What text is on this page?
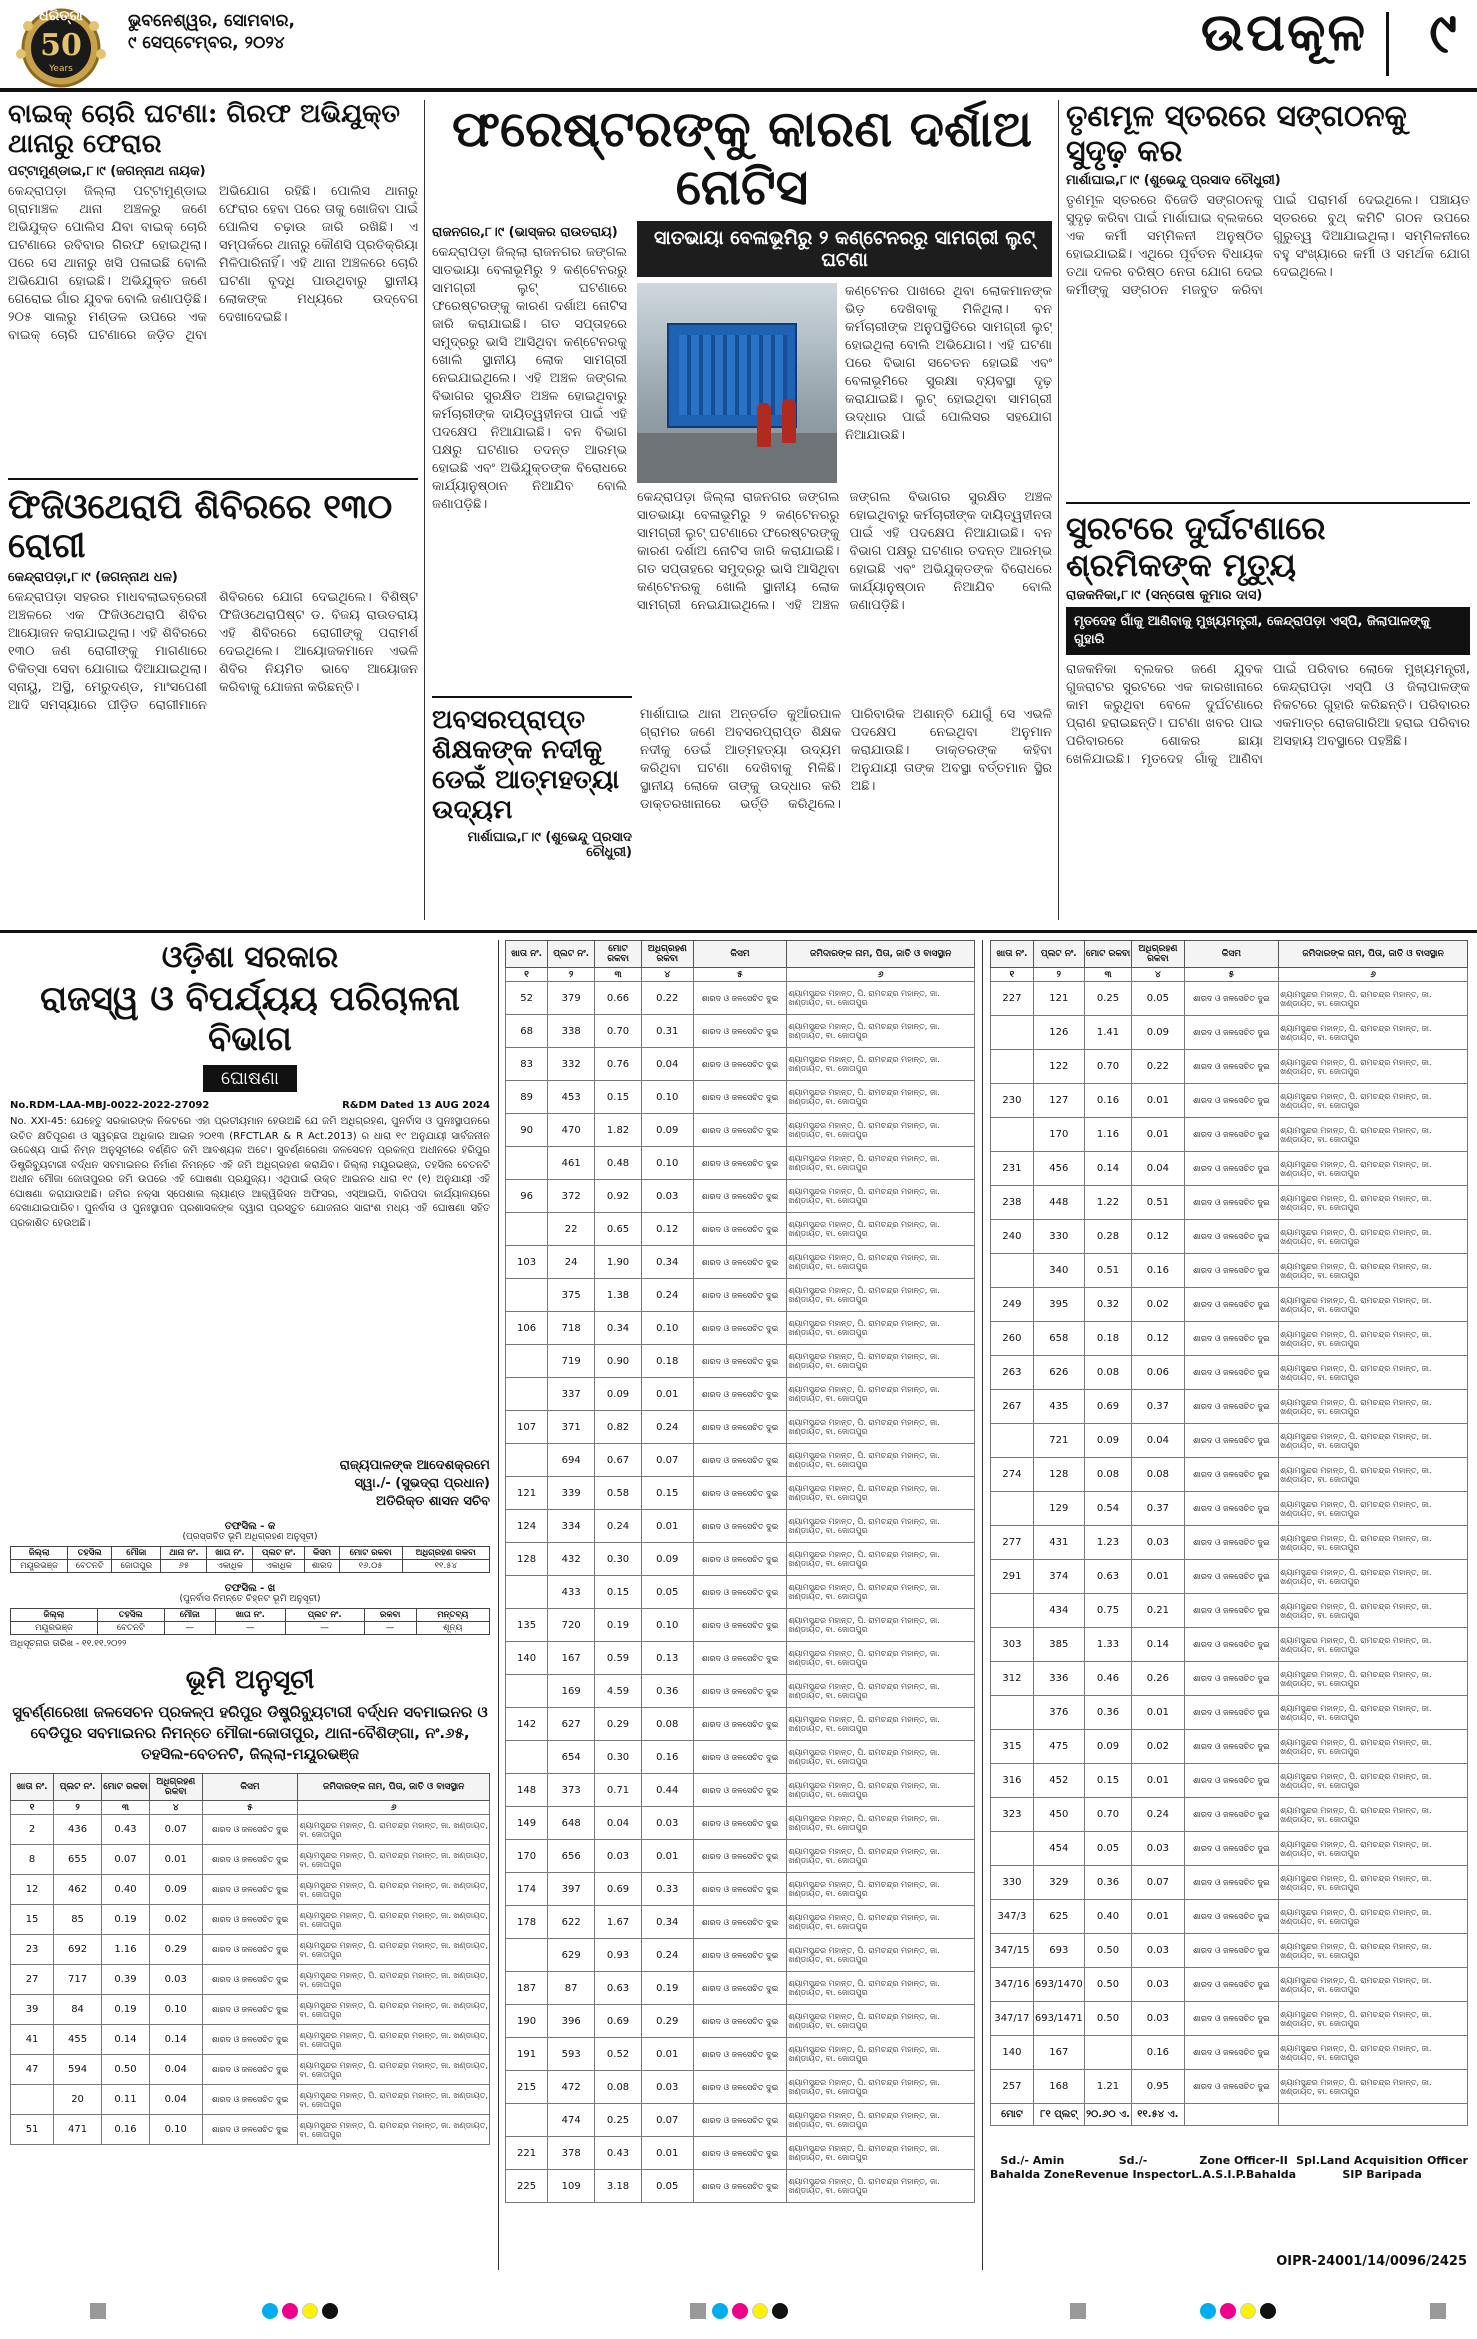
ଧରିତ୍ରୀ
50
Years
ଭୁବନେଶ୍ୱର, ସୋମବାର,
୯ ସେପ୍ଟେମ୍ବର, ୨୦୨୪	ଉପକୂଳ ୯
ବାଇକ୍ ଚୋରି ଘଟଣା: ଗିରଫ ଅଭିଯୁକ୍ତ ଥାନାରୁ ଫେରାର
ପଟ୍ଟାମୁଣ୍ଡାଇ,୮।୯ (ଜଗନ୍ନାଥ ନାୟକ)
କେନ୍ଦ୍ରାପଡ଼ା ଜିଲ୍ଲା ପଟ୍ଟାମୁଣ୍ଡାଇ ଗ୍ରାମାଞ୍ଚଳ ଥାନା ଅଞ୍ଚଳରୁ ଜଣେ ଅଭିଯୁକ୍ତ ପୋଲିସ ଯିବା ବାଇକ୍ ଚୋରି ଘଟଣାରେ ରବିବାର ଗିରଫ ହୋଇଥିଲା। ପରେ ସେ ଥାନାରୁ ଖସି ପଳାଇଛି ବୋଲି ଅଭିଯୋଗ ହୋଇଛି। ଅଭିଯୁକ୍ତ ଜଣେ ଗେରୋଇ ଗାଁର ଯୁବକ ବୋଲି ଜଣାପଡ଼ିଛି। ୨୦୫ ସାଲରୁ ମଣ୍ଡଳ ଉପରେ ଏକ ବାଇକ୍ ଚୋରି ଘଟଣାରେ ଜଡ଼ିତ ଥିବା ଅଭିଯୋଗ ରହିଛି। ପୋଲିସ ଥାନାରୁ ଫେରାର ହେବା ପରେ ତାକୁ ଖୋଜିବା ପାଇଁ ପୋଲିସ ଚଢ଼ାଉ ଜାରି ରଖିଛି। ଏ ସମ୍ପର୍କରେ ଥାନାରୁ କୌଣସି ପ୍ରତିକ୍ରିୟା ମିଳିପାରିନାହିଁ। ଏହି ଥାନା ଅଞ୍ଚଳରେ ଚୋରି ଘଟଣା ବୃଦ୍ଧି ପାଉଥିବାରୁ ସ୍ଥାନୀୟ ଲୋକଙ୍କ ମଧ୍ୟରେ ଉଦ୍‌ବେଗ ଦେଖାଦେଇଛି।
ଫିଜିଓଥେରାପି ଶିବିରରେ ୧୩୦ ରୋଗୀ
କେନ୍ଦ୍ରାପଡ଼ା,୮।୯ (ଜଗନ୍ନାଥ ଧଳ)
କେନ୍ଦ୍ରାପଡ଼ା ସହରର ମାଧବଲାଇବ୍ରେରୀ ଅଞ୍ଚଳରେ ଏକ ଫିଜିଓଥେରାପି ଶିବିର ଆୟୋଜନ କରାଯାଇଥିଲା। ଏହି ଶିବିରରେ ୧୩୦ ଜଣ ରୋଗୀଙ୍କୁ ମାଗଣାରେ ଚିକିତ୍ସା ସେବା ଯୋଗାଇ ଦିଆଯାଇଥିଲା। ସ୍ନାୟୁ, ଅସ୍ଥି, ମେରୁଦଣ୍ଡ, ମାଂସପେଶୀ ଆଦି ସମସ୍ୟାରେ ପୀଡ଼ିତ ରୋଗୀମାନେ ଶିବିରରେ ଯୋଗ ଦେଇଥିଲେ। ବିଶିଷ୍ଟ ଫିଜିଓଥେରାପିଷ୍ଟ ଡ. ବିଜୟ ରାଉତରାୟ ଏହି ଶିବିରରେ ରୋଗୀଙ୍କୁ ପରାମର୍ଶ ଦେଇଥିଲେ। ଆୟୋଜକମାନେ ଏଭଳି ଶିବିର ନିୟମିତ ଭାବେ ଆୟୋଜନ କରିବାକୁ ଯୋଜନା କରିଛନ୍ତି।
ଫରେଷ୍ଟରଙ୍କୁ କାରଣ ଦର୍ଶାଅ ନୋଟିସ
ରାଜନଗର,୮।୯ (ଭାସ୍କର ରାଉତରାୟ)
କେନ୍ଦ୍ରାପଡ଼ା ଜିଲ୍ଲା ରାଜନଗର ଜଙ୍ଗଲ ସାତଭାୟା ବେଳାଭୂମିରୁ ୨ କଣ୍ଟେନରରୁ ସାମଗ୍ରୀ ଲୁଟ୍ ଘଟଣାରେ ଫରେଷ୍ଟରଙ୍କୁ କାରଣ ଦର୍ଶାଅ ନୋଟିସ ଜାରି କରାଯାଇଛି। ଗତ ସପ୍ତାହରେ ସମୁଦ୍ରରୁ ଭାସି ଆସିଥିବା କଣ୍ଟେନରକୁ ଖୋଲି ସ୍ଥାନୀୟ ଲୋକ ସାମଗ୍ରୀ ନେଇଯାଇଥିଲେ। ଏହି ଅଞ୍ଚଳ ଜଙ୍ଗଲ ବିଭାଗର ସୁରକ୍ଷିତ ଅଞ୍ଚଳ ହୋଇଥିବାରୁ କର୍ମଚାରୀଙ୍କ ଦାୟିତ୍ୱହୀନତା ପାଇଁ ଏହି ପଦକ୍ଷେପ ନିଆଯାଇଛି। ବନ ବିଭାଗ ପକ୍ଷରୁ ଘଟଣାର ତଦନ୍ତ ଆରମ୍ଭ ହୋଇଛି ଏବଂ ଅଭିଯୁକ୍ତଙ୍କ ବିରୋଧରେ କାର୍ଯ୍ୟାନୁଷ୍ଠାନ ନିଆଯିବ ବୋଲି ଜଣାପଡ଼ିଛି।
ସାତଭାୟା ବେଳାଭୂମିରୁ ୨ କଣ୍ଟେନରରୁ ସାମଗ୍ରୀ ଲୁଟ୍ ଘଟଣା
କଣ୍ଟେନର ପାଖରେ ଥିବା ଲୋକମାନଙ୍କ ଭିଡ଼ ଦେଖିବାକୁ ମିଳିଥିଲା। ବନ କର୍ମଚାରୀଙ୍କ ଅନୁପସ୍ଥିତିରେ ସାମଗ୍ରୀ ଲୁଟ୍ ହୋଇଥିଲା ବୋଲି ଅଭିଯୋଗ। ଏହି ଘଟଣା ପରେ ବିଭାଗ ସଚେତନ ହୋଇଛି ଏବଂ ବେଳାଭୂମିରେ ସୁରକ୍ଷା ବ୍ୟବସ୍ଥା ଦୃଢ଼ କରାଯାଇଛି। ଲୁଟ୍ ହୋଇଥିବା ସାମଗ୍ରୀ ଉଦ୍ଧାର ପାଇଁ ପୋଲିସର ସହଯୋଗ ନିଆଯାଉଛି।
କେନ୍ଦ୍ରାପଡ଼ା ଜିଲ୍ଲା ରାଜନଗର ଜଙ୍ଗଲ ସାତଭାୟା ବେଳାଭୂମିରୁ ୨ କଣ୍ଟେନରରୁ ସାମଗ୍ରୀ ଲୁଟ୍ ଘଟଣାରେ ଫରେଷ୍ଟରଙ୍କୁ କାରଣ ଦର୍ଶାଅ ନୋଟିସ ଜାରି କରାଯାଇଛି। ଗତ ସପ୍ତାହରେ ସମୁଦ୍ରରୁ ଭାସି ଆସିଥିବା କଣ୍ଟେନରକୁ ଖୋଲି ସ୍ଥାନୀୟ ଲୋକ ସାମଗ୍ରୀ ନେଇଯାଇଥିଲେ। ଏହି ଅଞ୍ଚଳ ଜଙ୍ଗଲ ବିଭାଗର ସୁରକ୍ଷିତ ଅଞ୍ଚଳ ହୋଇଥିବାରୁ କର୍ମଚାରୀଙ୍କ ଦାୟିତ୍ୱହୀନତା ପାଇଁ ଏହି ପଦକ୍ଷେପ ନିଆଯାଇଛି। ବନ ବିଭାଗ ପକ୍ଷରୁ ଘଟଣାର ତଦନ୍ତ ଆରମ୍ଭ ହୋଇଛି ଏବଂ ଅଭିଯୁକ୍ତଙ୍କ ବିରୋଧରେ କାର୍ଯ୍ୟାନୁଷ୍ଠାନ ନିଆଯିବ ବୋଲି ଜଣାପଡ଼ିଛି।
ଅବସରପ୍ରାପ୍ତ ଶିକ୍ଷକଙ୍କ ନଦୀକୁ ଡେଇଁ ଆତ୍ମହତ୍ୟା ଉଦ୍ୟମ
ମାର୍ଶାଘାଇ,୮।୯ (ଶୁଭେନ୍ଦୁ ପ୍ରସାଦ ଚୌଧୁରୀ)
ମାର୍ଶାଘାଇ ଥାନା ଅନ୍ତର୍ଗତ କୁଆଁରପାଳ ଗ୍ରାମର ଜଣେ ଅବସରପ୍ରାପ୍ତ ଶିକ୍ଷକ ନଦୀକୁ ଡେଇଁ ଆତ୍ମହତ୍ୟା ଉଦ୍ୟମ କରିଥିବା ଘଟଣା ଦେଖିବାକୁ ମିଳିଛି। ସ୍ଥାନୀୟ ଲୋକେ ତାଙ୍କୁ ଉଦ୍ଧାର କରି ଡାକ୍ତରଖାନାରେ ଭର୍ତ୍ତି କରିଥିଲେ। ପାରିବାରିକ ଅଶାନ୍ତି ଯୋଗୁଁ ସେ ଏଭଳି ପଦକ୍ଷେପ ନେଇଥିବା ଅନୁମାନ କରାଯାଉଛି। ଡାକ୍ତରଙ୍କ କହିବା ଅନୁଯାୟୀ ତାଙ୍କ ଅବସ୍ଥା ବର୍ତ୍ତମାନ ସ୍ଥିର ଅଛି।
ତୃଣମୂଳ ସ୍ତରରେ ସଙ୍ଗଠନକୁ ସୁଦୃଢ଼ କର
ମାର୍ଶାଘାଇ,୮।୯ (ଶୁଭେନ୍ଦୁ ପ୍ରସାଦ ଚୌଧୁରୀ)
ତୃଣମୂଳ ସ୍ତରରେ ବିଜେଡି ସଙ୍ଗଠନକୁ ସୁଦୃଢ଼ କରିବା ପାଇଁ ମାର୍ଶାଘାଇ ବ୍ଲକରେ ଏକ କର୍ମୀ ସମ୍ମିଳନୀ ଅନୁଷ୍ଠିତ ହୋଇଯାଇଛି। ଏଥିରେ ପୂର୍ବତନ ବିଧାୟକ ତଥା ଦଳର ବରିଷ୍ଠ ନେତା ଯୋଗ ଦେଇ କର୍ମୀଙ୍କୁ ସଙ୍ଗଠନ ମଜବୁତ କରିବା ପାଇଁ ପରାମର୍ଶ ଦେଇଥିଲେ। ପଞ୍ଚାୟତ ସ୍ତରରେ ବୁଥ୍ କମିଟି ଗଠନ ଉପରେ ଗୁରୁତ୍ୱ ଦିଆଯାଇଥିଲା। ସମ୍ମିଳନୀରେ ବହୁ ସଂଖ୍ୟାରେ କର୍ମୀ ଓ ସମର୍ଥକ ଯୋଗ ଦେଇଥିଲେ।
ସୁରଟରେ ଦୁର୍ଘଟଣାରେ ଶ୍ରମିକଙ୍କ ମୃତ୍ୟୁ
ରାଜକନିକା,୮।୯ (ସନ୍ତୋଷ କୁମାର ଦାସ)
ମୃତଦେହ ଗାଁକୁ ଆଣିବାକୁ ମୁଖ୍ୟମନ୍ତ୍ରୀ, କେନ୍ଦ୍ରାପଡ଼ା ଏସ୍‌ପି, ଜିଲାପାଳଙ୍କୁ ଗୁହାରି
ରାଜକନିକା ବ୍ଲକର ଜଣେ ଯୁବକ ଗୁଜରାଟର ସୁରଟରେ ଏକ କାରଖାନାରେ କାମ କରୁଥିବା ବେଳେ ଦୁର୍ଘଟଣାରେ ପ୍ରାଣ ହରାଇଛନ୍ତି। ଘଟଣା ଖବର ପାଇ ପରିବାରରେ ଶୋକର ଛାୟା ଖେଳିଯାଇଛି। ମୃତଦେହ ଗାଁକୁ ଆଣିବା ପାଇଁ ପରିବାର ଲୋକେ ମୁଖ୍ୟମନ୍ତ୍ରୀ, କେନ୍ଦ୍ରାପଡ଼ା ଏସ୍‌ପି ଓ ଜିଲାପାଳଙ୍କ ନିକଟରେ ଗୁହାରି କରିଛନ୍ତି। ପରିବାରର ଏକମାତ୍ର ରୋଜଗାରିଆ ହରାଇ ପରିବାର ଅସହାୟ ଅବସ୍ଥାରେ ପହଞ୍ଚିଛି।
ଓଡ଼ିଶା ସରକାର
ରାଜସ୍ୱ ଓ ବିପର୍ଯ୍ୟୟ ପରିଚାଳନା ବିଭାଗ
ଘୋଷଣା
No.RDM-LAA-MBJ-0022-2022-27092	R&DM Dated 13 AUG 2024
No. XXI-45: ଯେହେତୁ ସରକାରଙ୍କ ନିକଟରେ ଏହା ପ୍ରତୀୟମାନ ହେଉଅଛି ଯେ ଜମି ଅଧିଗ୍ରହଣ, ପୁନର୍ବାସ ଓ ପୁନଃସ୍ଥାପନରେ ଉଚିତ କ୍ଷତିପୂରଣ ଓ ସ୍ୱଚ୍ଛତା ଅଧିକାର ଆଇନ ୨୦୧୩ (RFCTLAR & R Act.2013) ର ଧାରା ୧୯ ଅନୁଯାୟୀ ସାର୍ବଜନୀନ ଉଦ୍ଦେଶ୍ୟ ପାଇଁ ନିମ୍ନ ଅନୁସୂଚୀରେ ବର୍ଣ୍ଣିତ ଜମି ଆବଶ୍ୟକ ଅଟେ। ସୁବର୍ଣ୍ଣରେଖା ଜଳସେଚନ ପ୍ରକଳ୍ପ ଅଧୀନରେ ହରିପୁର ଡିଷ୍ଟ୍ରିବ୍ୟୁଟାରୀ ବର୍ଦ୍ଧନ ସବମାଇନର ନିର୍ମାଣ ନିମନ୍ତେ ଏହି ଜମି ଅଧିଗ୍ରହଣ କରାଯିବ। ଜିଲ୍ଲା ମୟୂରଭଞ୍ଜ, ତହସିଲ ବେତନଟି ଅଧୀନ ମୌଜା ଜୋତାପୁରର ଜମି ଉପରେ ଏହି ଘୋଷଣା ପ୍ରଯୁଜ୍ୟ। ଏଥିପାଇଁ ଉକ୍ତ ଆଇନର ଧାରା ୧୯ (୧) ଅନୁଯାୟୀ ଏହି ଘୋଷଣା କରାଯାଉଅଛି। ଜମିର ନକ୍ସା ସ୍ପେଶାଲ ଲ୍ୟାଣ୍ଡ ଆକ୍ୱିଜିସନ ଅଫିସର, ଏସ୍‌ଆଇପି, ବାରିପଦା କାର୍ଯ୍ୟାଳୟରେ ଦେଖାଯାଇପାରିବ। ପୁନର୍ବାସ ଓ ପୁନଃସ୍ଥାପନ ପ୍ରଶାସକଙ୍କ ଦ୍ୱାରା ପ୍ରସ୍ତୁତ ଯୋଜନାର ସାରାଂଶ ମଧ୍ୟ ଏହି ଘୋଷଣା ସହିତ ପ୍ରକାଶିତ ହେଉଅଛି।
ରାଜ୍ୟପାଳଙ୍କ ଆଦେଶକ୍ରମେ
ସ୍ୱା./- (ସୁଭଦ୍ରା ପ୍ରଧାନ)
ଅତିରିକ୍ତ ଶାସନ ସଚିବ
ତଫସିଲ - କ
(ପ୍ରସ୍ତାବିତ ଭୂମି ଅଧିଗ୍ରହଣ ଅନୁସୂଚୀ)
ଜିଲ୍ଲା	ତହସିଲ	ମୌଜା	ଥାନା ନଂ.	ଖାତା ନଂ.	ପ୍ଲଟ ନଂ.	କିସମ	ମୋଟ ରକବା	ଅଧିଗ୍ରହଣ ରକବା
ମୟୂରଭଞ୍ଜ	ବେତନଟି	ଜୋତାପୁର	୬୫	ଏକାଧିକ	ଏକାଧିକ	ଶାରଦ	୧୬.୦୫	୧୧.୫୪
ତଫସିଲ - ଖ
(ପୁନର୍ବାସ ନିମନ୍ତେ ଚିହ୍ନଟ ଭୂମି ଅନୁସୂଚୀ)
ଜିଲ୍ଲା	ତହସିଲ	ମୌଜା	ଖାତା ନଂ.	ପ୍ଲଟ ନଂ.	ରକବା	ମନ୍ତବ୍ୟ
ମୟୂରଭଞ୍ଜ	ବେତନଟି	—	—	—	—	ଶୂନ୍ୟ
ଅଧିସୂଚନାର ତାରିଖ - ୧୧.୧୧.୨୦୨୨
ଭୂମି ଅନୁସୂଚୀ
ସୁବର୍ଣ୍ଣରେଖା ଜଳସେଚନ ପ୍ରକଳ୍ପ ହରିପୁର ଡିଷ୍ଟ୍ରିବ୍ୟୁଟାରୀ ବର୍ଦ୍ଧନ ସବମାଇନର ଓ ବେଡିପୁର ସବମାଇନର ନିମନ୍ତେ ମୌଜା-ଜୋତାପୁର, ଥାନା-ବୈଶିଙ୍ଗା, ନଂ.୬୫, ତହସିଲ-ବେତନଟି, ଜିଲ୍ଲା-ମୟୂରଭଞ୍ଜ
ଖାତା ନଂ.	ପ୍ଲଟ ନଂ.	ମୋଟ ରକବା	ଅଧିଗ୍ରହଣ ରକବା	କିସମ	ଜମିଦାରଙ୍କ ନାମ, ପିତା, ଜାତି ଓ ବାସସ୍ଥାନ
୧	୨	୩	୪	୫	୬
2	436	0.43	0.07	ଶାରଦ ଓ ଜଳସେଚିତ ଦୁଇ	ଶ୍ୟାମସୁନ୍ଦର ମହାନ୍ତ, ପି. ରାମଚନ୍ଦ୍ର ମହାନ୍ତ, ଜା. ଖଣ୍ଡାୟତ, ବା. ଜୋତାପୁର
8	655	0.07	0.01	ଶାରଦ ଓ ଜଳସେଚିତ ଦୁଇ	ଶ୍ୟାମସୁନ୍ଦର ମହାନ୍ତ, ପି. ରାମଚନ୍ଦ୍ର ମହାନ୍ତ, ଜା. ଖଣ୍ଡାୟତ, ବା. ଜୋତାପୁର
12	462	0.40	0.09	ଶାରଦ ଓ ଜଳସେଚିତ ଦୁଇ	ଶ୍ୟାମସୁନ୍ଦର ମହାନ୍ତ, ପି. ରାମଚନ୍ଦ୍ର ମହାନ୍ତ, ଜା. ଖଣ୍ଡାୟତ, ବା. ଜୋତାପୁର
15	85	0.19	0.02	ଶାରଦ ଓ ଜଳସେଚିତ ଦୁଇ	ଶ୍ୟାମସୁନ୍ଦର ମହାନ୍ତ, ପି. ରାମଚନ୍ଦ୍ର ମହାନ୍ତ, ଜା. ଖଣ୍ଡାୟତ, ବା. ଜୋତାପୁର
23	692	1.16	0.29	ଶାରଦ ଓ ଜଳସେଚିତ ଦୁଇ	ଶ୍ୟାମସୁନ୍ଦର ମହାନ୍ତ, ପି. ରାମଚନ୍ଦ୍ର ମହାନ୍ତ, ଜା. ଖଣ୍ଡାୟତ, ବା. ଜୋତାପୁର
27	717	0.39	0.03	ଶାରଦ ଓ ଜଳସେଚିତ ଦୁଇ	ଶ୍ୟାମସୁନ୍ଦର ମହାନ୍ତ, ପି. ରାମଚନ୍ଦ୍ର ମହାନ୍ତ, ଜା. ଖଣ୍ଡାୟତ, ବା. ଜୋତାପୁର
39	84	0.19	0.10	ଶାରଦ ଓ ଜଳସେଚିତ ଦୁଇ	ଶ୍ୟାମସୁନ୍ଦର ମହାନ୍ତ, ପି. ରାମଚନ୍ଦ୍ର ମହାନ୍ତ, ଜା. ଖଣ୍ଡାୟତ, ବା. ଜୋତାପୁର
41	455	0.14	0.14	ଶାରଦ ଓ ଜଳସେଚିତ ଦୁଇ	ଶ୍ୟାମସୁନ୍ଦର ମହାନ୍ତ, ପି. ରାମଚନ୍ଦ୍ର ମହାନ୍ତ, ଜା. ଖଣ୍ଡାୟତ, ବା. ଜୋତାପୁର
47	594	0.50	0.04	ଶାରଦ ଓ ଜଳସେଚିତ ଦୁଇ	ଶ୍ୟାମସୁନ୍ଦର ମହାନ୍ତ, ପି. ରାମଚନ୍ଦ୍ର ମହାନ୍ତ, ଜା. ଖଣ୍ଡାୟତ, ବା. ଜୋତାପୁର
	20	0.11	0.04	ଶାରଦ ଓ ଜଳସେଚିତ ଦୁଇ	ଶ୍ୟାମସୁନ୍ଦର ମହାନ୍ତ, ପି. ରାମଚନ୍ଦ୍ର ମହାନ୍ତ, ଜା. ଖଣ୍ଡାୟତ, ବା. ଜୋତାପୁର
51	471	0.16	0.10	ଶାରଦ ଓ ଜଳସେଚିତ ଦୁଇ	ଶ୍ୟାମସୁନ୍ଦର ମହାନ୍ତ, ପି. ରାମଚନ୍ଦ୍ର ମହାନ୍ତ, ଜା. ଖଣ୍ଡାୟତ, ବା. ଜୋତାପୁର
ଖାତା ନଂ.	ପ୍ଲଟ ନଂ.	ମୋଟ ରକବା	ଅଧିଗ୍ରହଣ ରକବା	କିସମ	ଜମିଦାରଙ୍କ ନାମ, ପିତା, ଜାତି ଓ ବାସସ୍ଥାନ
୧	୨	୩	୪	୫	୬
52	379	0.66	0.22	ଶାରଦ ଓ ଜଳସେଚିତ ଦୁଇ	ଶ୍ୟାମସୁନ୍ଦର ମହାନ୍ତ, ପି. ରାମଚନ୍ଦ୍ର ମହାନ୍ତ, ଜା. ଖଣ୍ଡାୟତ, ବା. ଜୋତାପୁର
68	338	0.70	0.31	ଶାରଦ ଓ ଜଳସେଚିତ ଦୁଇ	ଶ୍ୟାମସୁନ୍ଦର ମହାନ୍ତ, ପି. ରାମଚନ୍ଦ୍ର ମହାନ୍ତ, ଜା. ଖଣ୍ଡାୟତ, ବା. ଜୋତାପୁର
83	332	0.76	0.04	ଶାରଦ ଓ ଜଳସେଚିତ ଦୁଇ	ଶ୍ୟାମସୁନ୍ଦର ମହାନ୍ତ, ପି. ରାମଚନ୍ଦ୍ର ମହାନ୍ତ, ଜା. ଖଣ୍ଡାୟତ, ବା. ଜୋତାପୁର
89	453	0.15	0.10	ଶାରଦ ଓ ଜଳସେଚିତ ଦୁଇ	ଶ୍ୟାମସୁନ୍ଦର ମହାନ୍ତ, ପି. ରାମଚନ୍ଦ୍ର ମହାନ୍ତ, ଜା. ଖଣ୍ଡାୟତ, ବା. ଜୋତାପୁର
90	470	1.82	0.09	ଶାରଦ ଓ ଜଳସେଚିତ ଦୁଇ	ଶ୍ୟାମସୁନ୍ଦର ମହାନ୍ତ, ପି. ରାମଚନ୍ଦ୍ର ମହାନ୍ତ, ଜା. ଖଣ୍ଡାୟତ, ବା. ଜୋତାପୁର
	461	0.48	0.10	ଶାରଦ ଓ ଜଳସେଚିତ ଦୁଇ	ଶ୍ୟାମସୁନ୍ଦର ମହାନ୍ତ, ପି. ରାମଚନ୍ଦ୍ର ମହାନ୍ତ, ଜା. ଖଣ୍ଡାୟତ, ବା. ଜୋତାପୁର
96	372	0.92	0.03	ଶାରଦ ଓ ଜଳସେଚିତ ଦୁଇ	ଶ୍ୟାମସୁନ୍ଦର ମହାନ୍ତ, ପି. ରାମଚନ୍ଦ୍ର ମହାନ୍ତ, ଜା. ଖଣ୍ଡାୟତ, ବା. ଜୋତାପୁର
	22	0.65	0.12	ଶାରଦ ଓ ଜଳସେଚିତ ଦୁଇ	ଶ୍ୟାମସୁନ୍ଦର ମହାନ୍ତ, ପି. ରାମଚନ୍ଦ୍ର ମହାନ୍ତ, ଜା. ଖଣ୍ଡାୟତ, ବା. ଜୋତାପୁର
103	24	1.90	0.34	ଶାରଦ ଓ ଜଳସେଚିତ ଦୁଇ	ଶ୍ୟାମସୁନ୍ଦର ମହାନ୍ତ, ପି. ରାମଚନ୍ଦ୍ର ମହାନ୍ତ, ଜା. ଖଣ୍ଡାୟତ, ବା. ଜୋତାପୁର
	375	1.38	0.24	ଶାରଦ ଓ ଜଳସେଚିତ ଦୁଇ	ଶ୍ୟାମସୁନ୍ଦର ମହାନ୍ତ, ପି. ରାମଚନ୍ଦ୍ର ମହାନ୍ତ, ଜା. ଖଣ୍ଡାୟତ, ବା. ଜୋତାପୁର
106	718	0.34	0.10	ଶାରଦ ଓ ଜଳସେଚିତ ଦୁଇ	ଶ୍ୟାମସୁନ୍ଦର ମହାନ୍ତ, ପି. ରାମଚନ୍ଦ୍ର ମହାନ୍ତ, ଜା. ଖଣ୍ଡାୟତ, ବା. ଜୋତାପୁର
	719	0.90	0.18	ଶାରଦ ଓ ଜଳସେଚିତ ଦୁଇ	ଶ୍ୟାମସୁନ୍ଦର ମହାନ୍ତ, ପି. ରାମଚନ୍ଦ୍ର ମହାନ୍ତ, ଜା. ଖଣ୍ଡାୟତ, ବା. ଜୋତାପୁର
	337	0.09	0.01	ଶାରଦ ଓ ଜଳସେଚିତ ଦୁଇ	ଶ୍ୟାମସୁନ୍ଦର ମହାନ୍ତ, ପି. ରାମଚନ୍ଦ୍ର ମହାନ୍ତ, ଜା. ଖଣ୍ଡାୟତ, ବା. ଜୋତାପୁର
107	371	0.82	0.24	ଶାରଦ ଓ ଜଳସେଚିତ ଦୁଇ	ଶ୍ୟାମସୁନ୍ଦର ମହାନ୍ତ, ପି. ରାମଚନ୍ଦ୍ର ମହାନ୍ତ, ଜା. ଖଣ୍ଡାୟତ, ବା. ଜୋତାପୁର
	694	0.67	0.07	ଶାରଦ ଓ ଜଳସେଚିତ ଦୁଇ	ଶ୍ୟାମସୁନ୍ଦର ମହାନ୍ତ, ପି. ରାମଚନ୍ଦ୍ର ମହାନ୍ତ, ଜା. ଖଣ୍ଡାୟତ, ବା. ଜୋତାପୁର
121	339	0.58	0.15	ଶାରଦ ଓ ଜଳସେଚିତ ଦୁଇ	ଶ୍ୟାମସୁନ୍ଦର ମହାନ୍ତ, ପି. ରାମଚନ୍ଦ୍ର ମହାନ୍ତ, ଜା. ଖଣ୍ଡାୟତ, ବା. ଜୋତାପୁର
124	334	0.24	0.01	ଶାରଦ ଓ ଜଳସେଚିତ ଦୁଇ	ଶ୍ୟାମସୁନ୍ଦର ମହାନ୍ତ, ପି. ରାମଚନ୍ଦ୍ର ମହାନ୍ତ, ଜା. ଖଣ୍ଡାୟତ, ବା. ଜୋତାପୁର
128	432	0.30	0.09	ଶାରଦ ଓ ଜଳସେଚିତ ଦୁଇ	ଶ୍ୟାମସୁନ୍ଦର ମହାନ୍ତ, ପି. ରାମଚନ୍ଦ୍ର ମହାନ୍ତ, ଜା. ଖଣ୍ଡାୟତ, ବା. ଜୋତାପୁର
	433	0.15	0.05	ଶାରଦ ଓ ଜଳସେଚିତ ଦୁଇ	ଶ୍ୟାମସୁନ୍ଦର ମହାନ୍ତ, ପି. ରାମଚନ୍ଦ୍ର ମହାନ୍ତ, ଜା. ଖଣ୍ଡାୟତ, ବା. ଜୋତାପୁର
135	720	0.19	0.10	ଶାରଦ ଓ ଜଳସେଚିତ ଦୁଇ	ଶ୍ୟାମସୁନ୍ଦର ମହାନ୍ତ, ପି. ରାମଚନ୍ଦ୍ର ମହାନ୍ତ, ଜା. ଖଣ୍ଡାୟତ, ବା. ଜୋତାପୁର
140	167	0.59	0.13	ଶାରଦ ଓ ଜଳସେଚିତ ଦୁଇ	ଶ୍ୟାମସୁନ୍ଦର ମହାନ୍ତ, ପି. ରାମଚନ୍ଦ୍ର ମହାନ୍ତ, ଜା. ଖଣ୍ଡାୟତ, ବା. ଜୋତାପୁର
	169	4.59	0.36	ଶାରଦ ଓ ଜଳସେଚିତ ଦୁଇ	ଶ୍ୟାମସୁନ୍ଦର ମହାନ୍ତ, ପି. ରାମଚନ୍ଦ୍ର ମହାନ୍ତ, ଜା. ଖଣ୍ଡାୟତ, ବା. ଜୋତାପୁର
142	627	0.29	0.08	ଶାରଦ ଓ ଜଳସେଚିତ ଦୁଇ	ଶ୍ୟାମସୁନ୍ଦର ମହାନ୍ତ, ପି. ରାମଚନ୍ଦ୍ର ମହାନ୍ତ, ଜା. ଖଣ୍ଡାୟତ, ବା. ଜୋତାପୁର
	654	0.30	0.16	ଶାରଦ ଓ ଜଳସେଚିତ ଦୁଇ	ଶ୍ୟାମସୁନ୍ଦର ମହାନ୍ତ, ପି. ରାମଚନ୍ଦ୍ର ମହାନ୍ତ, ଜା. ଖଣ୍ଡାୟତ, ବା. ଜୋତାପୁର
148	373	0.71	0.44	ଶାରଦ ଓ ଜଳସେଚିତ ଦୁଇ	ଶ୍ୟାମସୁନ୍ଦର ମହାନ୍ତ, ପି. ରାମଚନ୍ଦ୍ର ମହାନ୍ତ, ଜା. ଖଣ୍ଡାୟତ, ବା. ଜୋତାପୁର
149	648	0.04	0.03	ଶାରଦ ଓ ଜଳସେଚିତ ଦୁଇ	ଶ୍ୟାମସୁନ୍ଦର ମହାନ୍ତ, ପି. ରାମଚନ୍ଦ୍ର ମହାନ୍ତ, ଜା. ଖଣ୍ଡାୟତ, ବା. ଜୋତାପୁର
170	656	0.03	0.01	ଶାରଦ ଓ ଜଳସେଚିତ ଦୁଇ	ଶ୍ୟାମସୁନ୍ଦର ମହାନ୍ତ, ପି. ରାମଚନ୍ଦ୍ର ମହାନ୍ତ, ଜା. ଖଣ୍ଡାୟତ, ବା. ଜୋତାପୁର
174	397	0.69	0.33	ଶାରଦ ଓ ଜଳସେଚିତ ଦୁଇ	ଶ୍ୟାମସୁନ୍ଦର ମହାନ୍ତ, ପି. ରାମଚନ୍ଦ୍ର ମହାନ୍ତ, ଜା. ଖଣ୍ଡାୟତ, ବା. ଜୋତାପୁର
178	622	1.67	0.34	ଶାରଦ ଓ ଜଳସେଚିତ ଦୁଇ	ଶ୍ୟାମସୁନ୍ଦର ମହାନ୍ତ, ପି. ରାମଚନ୍ଦ୍ର ମହାନ୍ତ, ଜା. ଖଣ୍ଡାୟତ, ବା. ଜୋତାପୁର
	629	0.93	0.24	ଶାରଦ ଓ ଜଳସେଚିତ ଦୁଇ	ଶ୍ୟାମସୁନ୍ଦର ମହାନ୍ତ, ପି. ରାମଚନ୍ଦ୍ର ମହାନ୍ତ, ଜା. ଖଣ୍ଡାୟତ, ବା. ଜୋତାପୁର
187	87	0.63	0.19	ଶାରଦ ଓ ଜଳସେଚିତ ଦୁଇ	ଶ୍ୟାମସୁନ୍ଦର ମହାନ୍ତ, ପି. ରାମଚନ୍ଦ୍ର ମହାନ୍ତ, ଜା. ଖଣ୍ଡାୟତ, ବା. ଜୋତାପୁର
190	396	0.69	0.29	ଶାରଦ ଓ ଜଳସେଚିତ ଦୁଇ	ଶ୍ୟାମସୁନ୍ଦର ମହାନ୍ତ, ପି. ରାମଚନ୍ଦ୍ର ମହାନ୍ତ, ଜା. ଖଣ୍ଡାୟତ, ବା. ଜୋତାପୁର
191	593	0.52	0.01	ଶାରଦ ଓ ଜଳସେଚିତ ଦୁଇ	ଶ୍ୟାମସୁନ୍ଦର ମହାନ୍ତ, ପି. ରାମଚନ୍ଦ୍ର ମହାନ୍ତ, ଜା. ଖଣ୍ଡାୟତ, ବା. ଜୋତାପୁର
215	472	0.08	0.03	ଶାରଦ ଓ ଜଳସେଚିତ ଦୁଇ	ଶ୍ୟାମସୁନ୍ଦର ମହାନ୍ତ, ପି. ରାମଚନ୍ଦ୍ର ମହାନ୍ତ, ଜା. ଖଣ୍ଡାୟତ, ବା. ଜୋତାପୁର
	474	0.25	0.07	ଶାରଦ ଓ ଜଳସେଚିତ ଦୁଇ	ଶ୍ୟାମସୁନ୍ଦର ମହାନ୍ତ, ପି. ରାମଚନ୍ଦ୍ର ମହାନ୍ତ, ଜା. ଖଣ୍ଡାୟତ, ବା. ଜୋତାପୁର
221	378	0.43	0.01	ଶାରଦ ଓ ଜଳସେଚିତ ଦୁଇ	ଶ୍ୟାମସୁନ୍ଦର ମହାନ୍ତ, ପି. ରାମଚନ୍ଦ୍ର ମହାନ୍ତ, ଜା. ଖଣ୍ଡାୟତ, ବା. ଜୋତାପୁର
225	109	3.18	0.05	ଶାରଦ ଓ ଜଳସେଚିତ ଦୁଇ	ଶ୍ୟାମସୁନ୍ଦର ମହାନ୍ତ, ପି. ରାମଚନ୍ଦ୍ର ମହାନ୍ତ, ଜା. ଖଣ୍ଡାୟତ, ବା. ଜୋତାପୁର
ଖାତା ନଂ.	ପ୍ଲଟ ନଂ.	ମୋଟ ରକବା	ଅଧିଗ୍ରହଣ ରକବା	କିସମ	ଜମିଦାରଙ୍କ ନାମ, ପିତା, ଜାତି ଓ ବାସସ୍ଥାନ
୧	୨	୩	୪	୫	୬
227	121	0.25	0.05	ଶାରଦ ଓ ଜଳସେଚିତ ଦୁଇ	ଶ୍ୟାମସୁନ୍ଦର ମହାନ୍ତ, ପି. ରାମଚନ୍ଦ୍ର ମହାନ୍ତ, ଜା. ଖଣ୍ଡାୟତ, ବା. ଜୋତାପୁର
	126	1.41	0.09	ଶାରଦ ଓ ଜଳସେଚିତ ଦୁଇ	ଶ୍ୟାମସୁନ୍ଦର ମହାନ୍ତ, ପି. ରାମଚନ୍ଦ୍ର ମହାନ୍ତ, ଜା. ଖଣ୍ଡାୟତ, ବା. ଜୋତାପୁର
	122	0.70	0.22	ଶାରଦ ଓ ଜଳସେଚିତ ଦୁଇ	ଶ୍ୟାମସୁନ୍ଦର ମହାନ୍ତ, ପି. ରାମଚନ୍ଦ୍ର ମହାନ୍ତ, ଜା. ଖଣ୍ଡାୟତ, ବା. ଜୋତାପୁର
230	127	0.16	0.01	ଶାରଦ ଓ ଜଳସେଚିତ ଦୁଇ	ଶ୍ୟାମସୁନ୍ଦର ମହାନ୍ତ, ପି. ରାମଚନ୍ଦ୍ର ମହାନ୍ତ, ଜା. ଖଣ୍ଡାୟତ, ବା. ଜୋତାପୁର
	170	1.16	0.01	ଶାରଦ ଓ ଜଳସେଚିତ ଦୁଇ	ଶ୍ୟାମସୁନ୍ଦର ମହାନ୍ତ, ପି. ରାମଚନ୍ଦ୍ର ମହାନ୍ତ, ଜା. ଖଣ୍ଡାୟତ, ବା. ଜୋତାପୁର
231	456	0.14	0.04	ଶାରଦ ଓ ଜଳସେଚିତ ଦୁଇ	ଶ୍ୟାମସୁନ୍ଦର ମହାନ୍ତ, ପି. ରାମଚନ୍ଦ୍ର ମହାନ୍ତ, ଜା. ଖଣ୍ଡାୟତ, ବା. ଜୋତାପୁର
238	448	1.22	0.51	ଶାରଦ ଓ ଜଳସେଚିତ ଦୁଇ	ଶ୍ୟାମସୁନ୍ଦର ମହାନ୍ତ, ପି. ରାମଚନ୍ଦ୍ର ମହାନ୍ତ, ଜା. ଖଣ୍ଡାୟତ, ବା. ଜୋତାପୁର
240	330	0.28	0.12	ଶାରଦ ଓ ଜଳସେଚିତ ଦୁଇ	ଶ୍ୟାମସୁନ୍ଦର ମହାନ୍ତ, ପି. ରାମଚନ୍ଦ୍ର ମହାନ୍ତ, ଜା. ଖଣ୍ଡାୟତ, ବା. ଜୋତାପୁର
	340	0.51	0.16	ଶାରଦ ଓ ଜଳସେଚିତ ଦୁଇ	ଶ୍ୟାମସୁନ୍ଦର ମହାନ୍ତ, ପି. ରାମଚନ୍ଦ୍ର ମହାନ୍ତ, ଜା. ଖଣ୍ଡାୟତ, ବା. ଜୋତାପୁର
249	395	0.32	0.02	ଶାରଦ ଓ ଜଳସେଚିତ ଦୁଇ	ଶ୍ୟାମସୁନ୍ଦର ମହାନ୍ତ, ପି. ରାମଚନ୍ଦ୍ର ମହାନ୍ତ, ଜା. ଖଣ୍ଡାୟତ, ବା. ଜୋତାପୁର
260	658	0.18	0.12	ଶାରଦ ଓ ଜଳସେଚିତ ଦୁଇ	ଶ୍ୟାମସୁନ୍ଦର ମହାନ୍ତ, ପି. ରାମଚନ୍ଦ୍ର ମହାନ୍ତ, ଜା. ଖଣ୍ଡାୟତ, ବା. ଜୋତାପୁର
263	626	0.08	0.06	ଶାରଦ ଓ ଜଳସେଚିତ ଦୁଇ	ଶ୍ୟାମସୁନ୍ଦର ମହାନ୍ତ, ପି. ରାମଚନ୍ଦ୍ର ମହାନ୍ତ, ଜା. ଖଣ୍ଡାୟତ, ବା. ଜୋତାପୁର
267	435	0.69	0.37	ଶାରଦ ଓ ଜଳସେଚିତ ଦୁଇ	ଶ୍ୟାମସୁନ୍ଦର ମହାନ୍ତ, ପି. ରାମଚନ୍ଦ୍ର ମହାନ୍ତ, ଜା. ଖଣ୍ଡାୟତ, ବା. ଜୋତାପୁର
	721	0.09	0.04	ଶାରଦ ଓ ଜଳସେଚିତ ଦୁଇ	ଶ୍ୟାମସୁନ୍ଦର ମହାନ୍ତ, ପି. ରାମଚନ୍ଦ୍ର ମହାନ୍ତ, ଜା. ଖଣ୍ଡାୟତ, ବା. ଜୋତାପୁର
274	128	0.08	0.08	ଶାରଦ ଓ ଜଳସେଚିତ ଦୁଇ	ଶ୍ୟାମସୁନ୍ଦର ମହାନ୍ତ, ପି. ରାମଚନ୍ଦ୍ର ମହାନ୍ତ, ଜା. ଖଣ୍ଡାୟତ, ବା. ଜୋତାପୁର
	129	0.54	0.37	ଶାରଦ ଓ ଜଳସେଚିତ ଦୁଇ	ଶ୍ୟାମସୁନ୍ଦର ମହାନ୍ତ, ପି. ରାମଚନ୍ଦ୍ର ମହାନ୍ତ, ଜା. ଖଣ୍ଡାୟତ, ବା. ଜୋତାପୁର
277	431	1.23	0.03	ଶାରଦ ଓ ଜଳସେଚିତ ଦୁଇ	ଶ୍ୟାମସୁନ୍ଦର ମହାନ୍ତ, ପି. ରାମଚନ୍ଦ୍ର ମହାନ୍ତ, ଜା. ଖଣ୍ଡାୟତ, ବା. ଜୋତାପୁର
291	374	0.63	0.01	ଶାରଦ ଓ ଜଳସେଚିତ ଦୁଇ	ଶ୍ୟାମସୁନ୍ଦର ମହାନ୍ତ, ପି. ରାମଚନ୍ଦ୍ର ମହାନ୍ତ, ଜା. ଖଣ୍ଡାୟତ, ବା. ଜୋତାପୁର
	434	0.75	0.21	ଶାରଦ ଓ ଜଳସେଚିତ ଦୁଇ	ଶ୍ୟାମସୁନ୍ଦର ମହାନ୍ତ, ପି. ରାମଚନ୍ଦ୍ର ମହାନ୍ତ, ଜା. ଖଣ୍ଡାୟତ, ବା. ଜୋତାପୁର
303	385	1.33	0.14	ଶାରଦ ଓ ଜଳସେଚିତ ଦୁଇ	ଶ୍ୟାମସୁନ୍ଦର ମହାନ୍ତ, ପି. ରାମଚନ୍ଦ୍ର ମହାନ୍ତ, ଜା. ଖଣ୍ଡାୟତ, ବା. ଜୋତାପୁର
312	336	0.46	0.26	ଶାରଦ ଓ ଜଳସେଚିତ ଦୁଇ	ଶ୍ୟାମସୁନ୍ଦର ମହାନ୍ତ, ପି. ରାମଚନ୍ଦ୍ର ମହାନ୍ତ, ଜା. ଖଣ୍ଡାୟତ, ବା. ଜୋତାପୁର
	376	0.36	0.01	ଶାରଦ ଓ ଜଳସେଚିତ ଦୁଇ	ଶ୍ୟାମସୁନ୍ଦର ମହାନ୍ତ, ପି. ରାମଚନ୍ଦ୍ର ମହାନ୍ତ, ଜା. ଖଣ୍ଡାୟତ, ବା. ଜୋତାପୁର
315	475	0.09	0.02	ଶାରଦ ଓ ଜଳସେଚିତ ଦୁଇ	ଶ୍ୟାମସୁନ୍ଦର ମହାନ୍ତ, ପି. ରାମଚନ୍ଦ୍ର ମହାନ୍ତ, ଜା. ଖଣ୍ଡାୟତ, ବା. ଜୋତାପୁର
316	452	0.15	0.01	ଶାରଦ ଓ ଜଳସେଚିତ ଦୁଇ	ଶ୍ୟାମସୁନ୍ଦର ମହାନ୍ତ, ପି. ରାମଚନ୍ଦ୍ର ମହାନ୍ତ, ଜା. ଖଣ୍ଡାୟତ, ବା. ଜୋତାପୁର
323	450	0.70	0.24	ଶାରଦ ଓ ଜଳସେଚିତ ଦୁଇ	ଶ୍ୟାମସୁନ୍ଦର ମହାନ୍ତ, ପି. ରାମଚନ୍ଦ୍ର ମହାନ୍ତ, ଜା. ଖଣ୍ଡାୟତ, ବା. ଜୋତାପୁର
	454	0.05	0.03	ଶାରଦ ଓ ଜଳସେଚିତ ଦୁଇ	ଶ୍ୟାମସୁନ୍ଦର ମହାନ୍ତ, ପି. ରାମଚନ୍ଦ୍ର ମହାନ୍ତ, ଜା. ଖଣ୍ଡାୟତ, ବା. ଜୋତାପୁର
330	329	0.36	0.07	ଶାରଦ ଓ ଜଳସେଚିତ ଦୁଇ	ଶ୍ୟାମସୁନ୍ଦର ମହାନ୍ତ, ପି. ରାମଚନ୍ଦ୍ର ମହାନ୍ତ, ଜା. ଖଣ୍ଡାୟତ, ବା. ଜୋତାପୁର
347/3	625	0.40	0.01	ଶାରଦ ଓ ଜଳସେଚିତ ଦୁଇ	ଶ୍ୟାମସୁନ୍ଦର ମହାନ୍ତ, ପି. ରାମଚନ୍ଦ୍ର ମହାନ୍ତ, ଜା. ଖଣ୍ଡାୟତ, ବା. ଜୋତାପୁର
347/15	693	0.50	0.03	ଶାରଦ ଓ ଜଳସେଚିତ ଦୁଇ	ଶ୍ୟାମସୁନ୍ଦର ମହାନ୍ତ, ପି. ରାମଚନ୍ଦ୍ର ମହାନ୍ତ, ଜା. ଖଣ୍ଡାୟତ, ବା. ଜୋତାପୁର
347/16	693/1470	0.50	0.03	ଶାରଦ ଓ ଜଳସେଚିତ ଦୁଇ	ଶ୍ୟାମସୁନ୍ଦର ମହାନ୍ତ, ପି. ରାମଚନ୍ଦ୍ର ମହାନ୍ତ, ଜା. ଖଣ୍ଡାୟତ, ବା. ଜୋତାପୁର
347/17	693/1471	0.50	0.03	ଶାରଦ ଓ ଜଳସେଚିତ ଦୁଇ	ଶ୍ୟାମସୁନ୍ଦର ମହାନ୍ତ, ପି. ରାମଚନ୍ଦ୍ର ମହାନ୍ତ, ଜା. ଖଣ୍ଡାୟତ, ବା. ଜୋତାପୁର
140	167		0.16	ଶାରଦ ଓ ଜଳସେଚିତ ଦୁଇ	ଶ୍ୟାମସୁନ୍ଦର ମହାନ୍ତ, ପି. ରାମଚନ୍ଦ୍ର ମହାନ୍ତ, ଜା. ଖଣ୍ଡାୟତ, ବା. ଜୋତାପୁର
257	168	1.21	0.95	ଶାରଦ ଓ ଜଳସେଚିତ ଦୁଇ	ଶ୍ୟାମସୁନ୍ଦର ମହାନ୍ତ, ପି. ରାମଚନ୍ଦ୍ର ମହାନ୍ତ, ଜା. ଖଣ୍ଡାୟତ, ବା. ଜୋତାପୁର
ମୋଟ	୮୧ ପ୍ଲଟ୍	୨୦.୬୦ ଏ.	୧୧.୫୪ ଏ.		
Sd./- Amin
Bahalda Zone
Sd./-
Revenue Inspector
Zone Officer-II
L.A.S.I.P.Bahalda
Spl.Land Acquisition Officer
SIP Baripada
OIPR-24001/14/0096/2425
